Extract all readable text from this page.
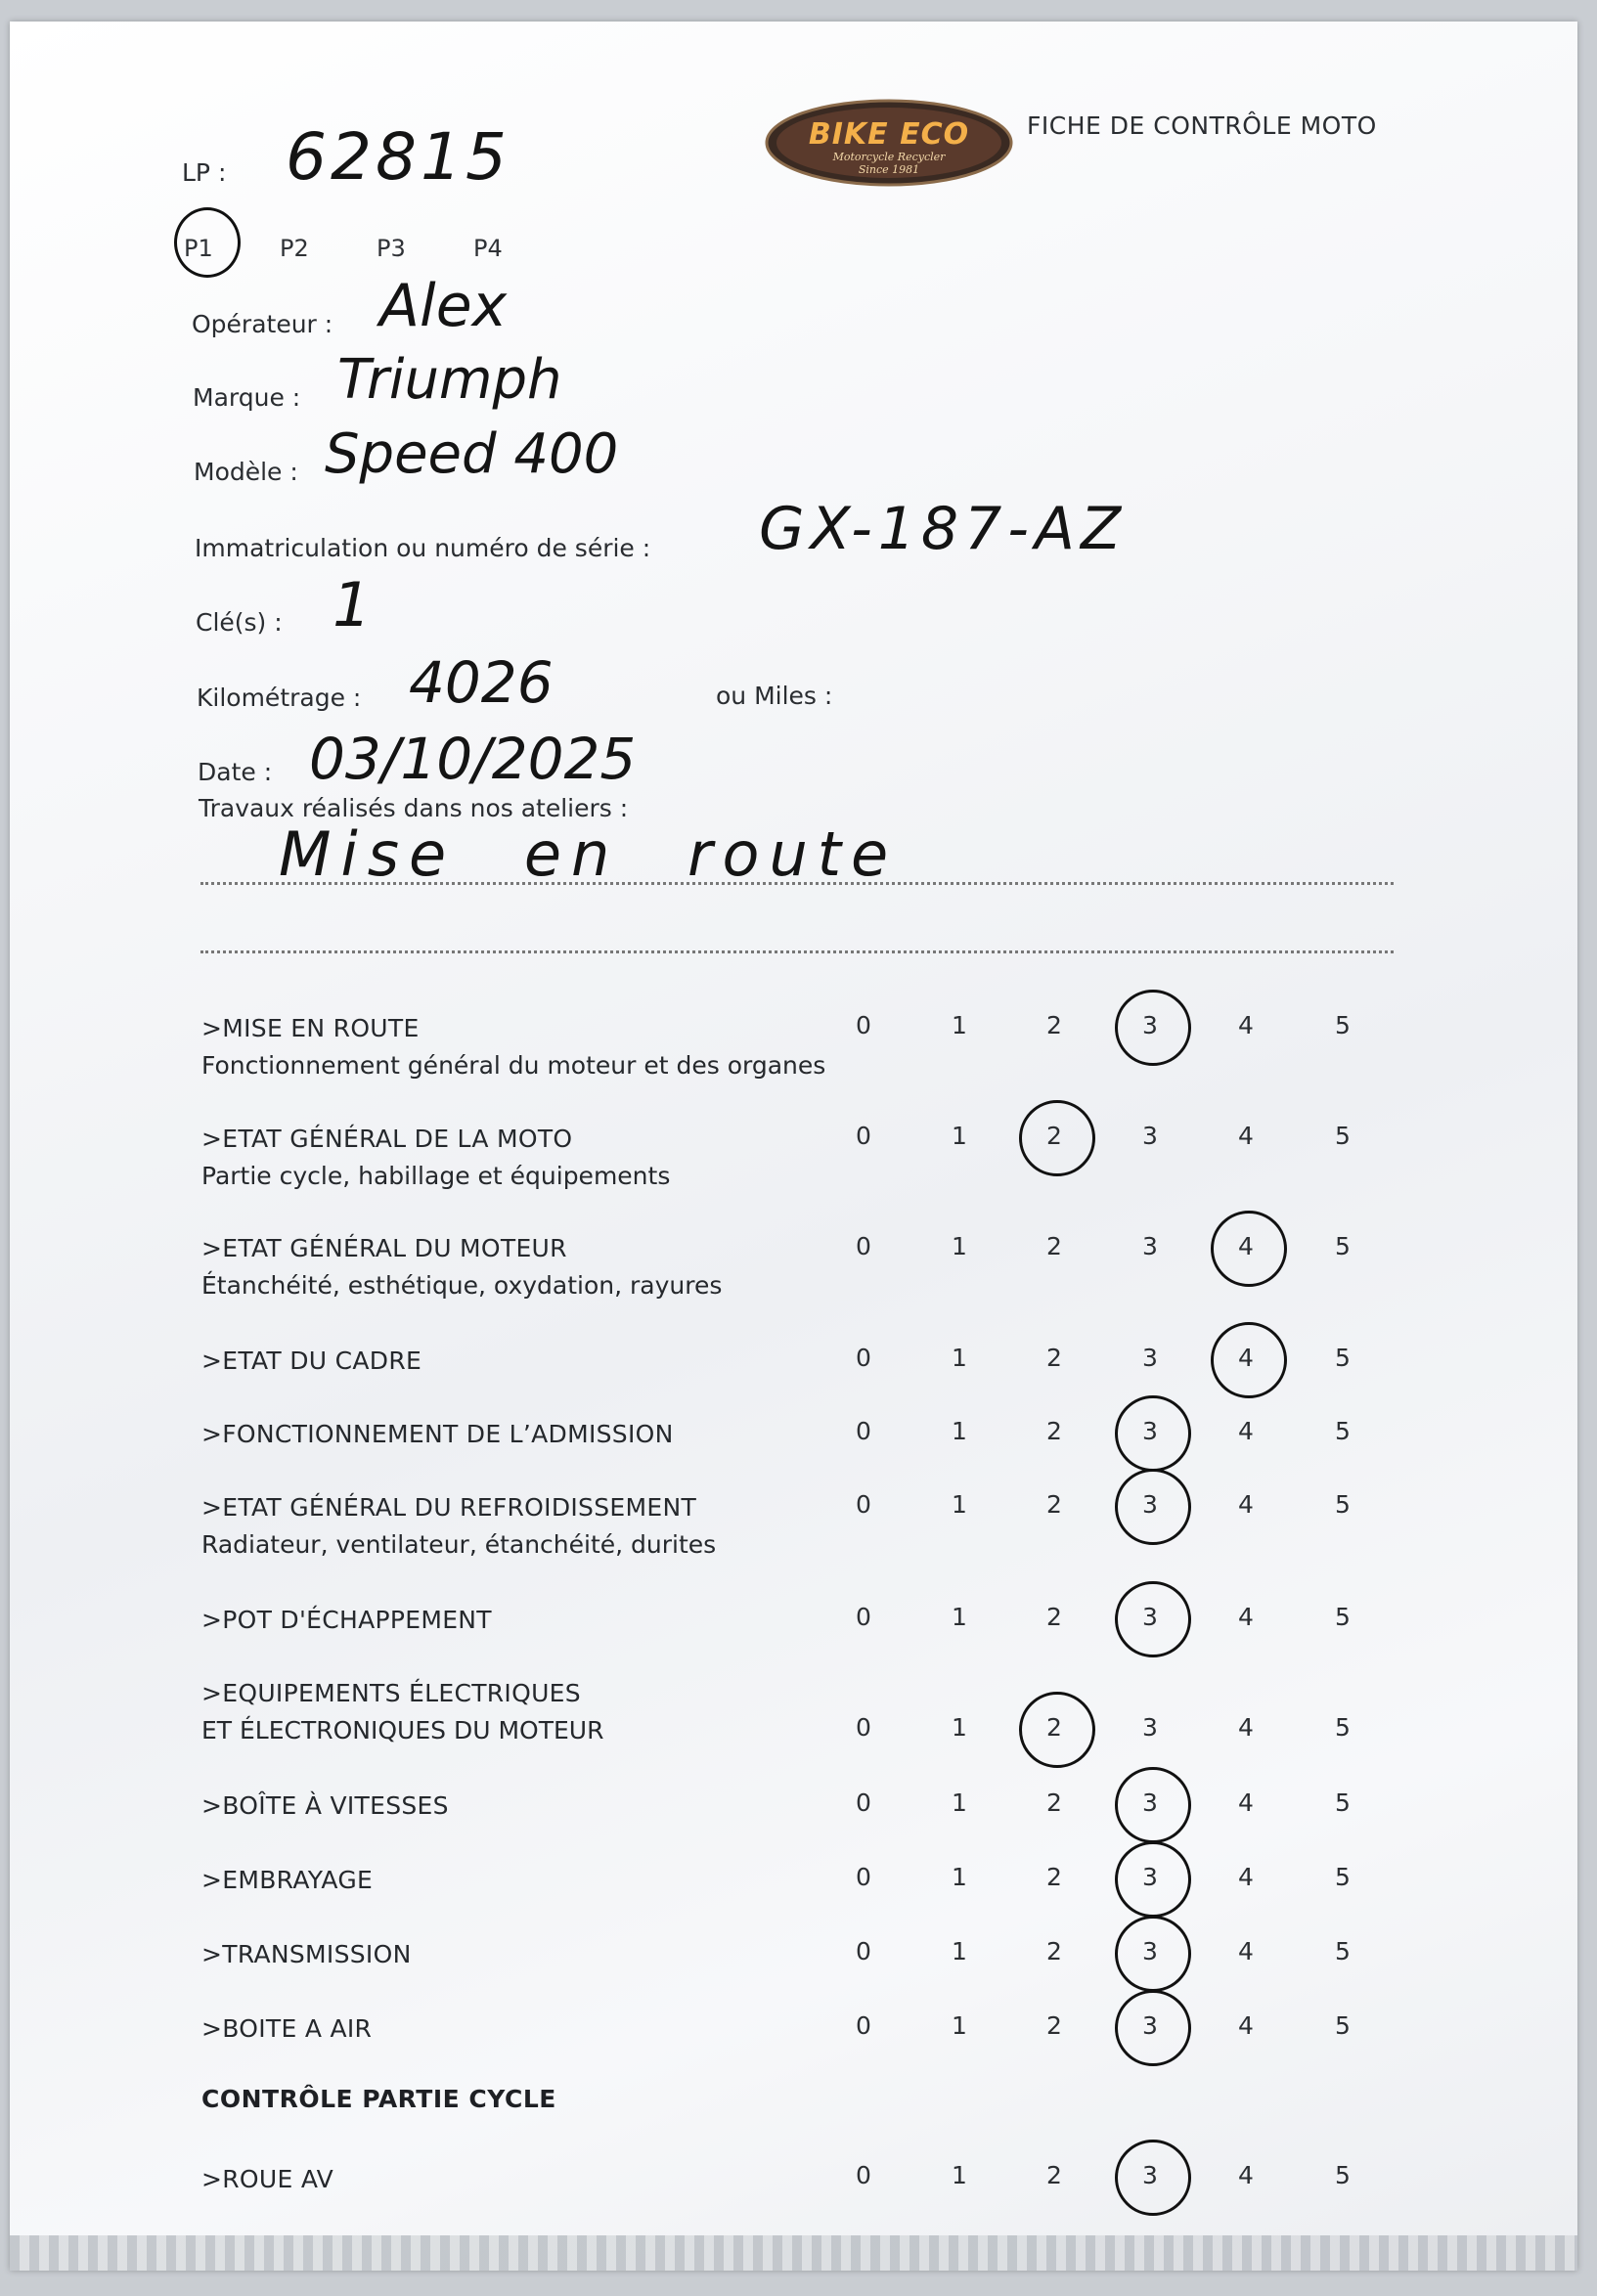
BIKE ECO
Motorcycle Recycler
Since 1981
FICHE DE CONTRÔLE MOTO
LP : 62815
P1	P2	P3	P4
Opérateur : Alex
Marque : Triumph
Modèle : Speed 400
Immatriculation ou numéro de série : GX-187-AZ
Clé(s) : 1
Kilométrage : 4026	ou Miles :
Date : 03/10/2025
Travaux réalisés dans nos ateliers :
Mise en route
>MISE EN ROUTE
Fonctionnement général du moteur et des organes
0	1	2	3	4	5
>ETAT GÉNÉRAL DE LA MOTO
Partie cycle, habillage et équipements
0	1	2	3	4	5
>ETAT GÉNÉRAL DU MOTEUR
Étanchéité, esthétique, oxydation, rayures
0	1	2	3	4	5
>ETAT DU CADRE	0	1	2	3	4	5
>FONCTIONNEMENT DE L’ADMISSION	0	1	2	3	4	5
>ETAT GÉNÉRAL DU REFROIDISSEMENT
Radiateur, ventilateur, étanchéité, durites
0	1	2	3	4	5
>POT D'ÉCHAPPEMENT	0	1	2	3	4	5
>EQUIPEMENTS ÉLECTRIQUES
ET ÉLECTRONIQUES DU MOTEUR	0	1	2	3	4	5
>BOÎTE À VITESSES	0	1	2	3	4	5
>EMBRAYAGE	0	1	2	3	4	5
>TRANSMISSION	0	1	2	3	4	5
>BOITE A AIR	0	1	2	3	4	5
CONTRÔLE PARTIE CYCLE
>ROUE AV	0	1	2	3	4	5
